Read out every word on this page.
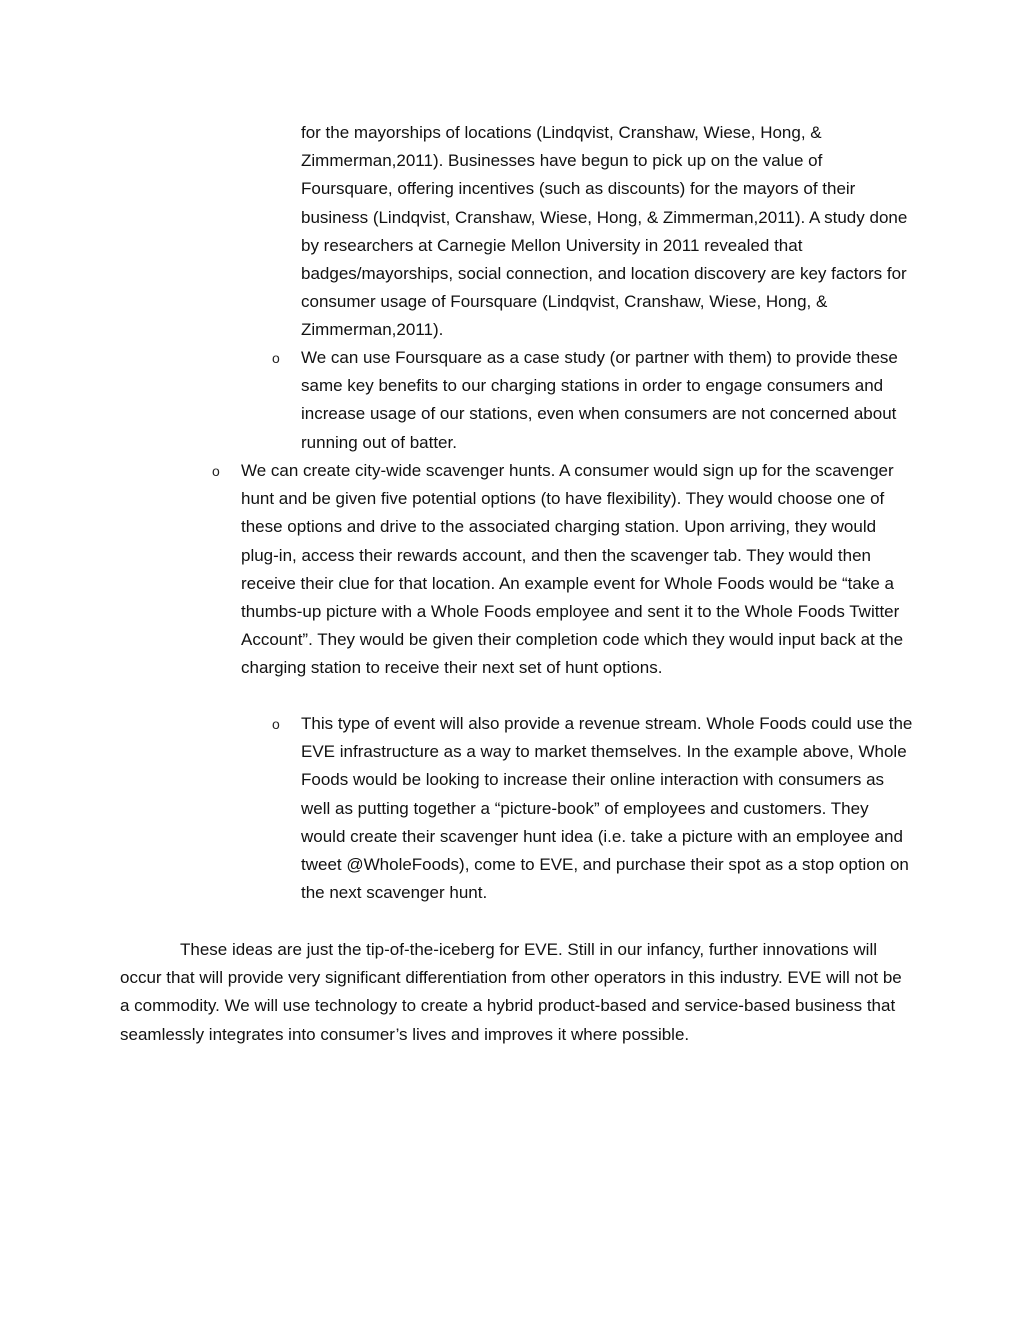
for the mayorships of locations (Lindqvist, Cranshaw, Wiese, Hong, & Zimmerman,2011). Businesses have begun to pick up on the value of Foursquare, offering incentives (such as discounts) for the mayors of their business (Lindqvist, Cranshaw, Wiese, Hong, & Zimmerman,2011). A study done by researchers at Carnegie Mellon University in 2011 revealed that badges/mayorships, social connection, and location discovery are key factors for consumer usage of Foursquare (Lindqvist, Cranshaw, Wiese, Hong, & Zimmerman,2011).

o We can use Foursquare as a case study (or partner with them) to provide these same key benefits to our charging stations in order to engage consumers and increase usage of our stations, even when consumers are not concerned about running out of batter.

o We can create city-wide scavenger hunts. A consumer would sign up for the scavenger hunt and be given five potential options (to have flexibility). They would choose one of these options and drive to the associated charging station. Upon arriving, they would plug-in, access their rewards account, and then the scavenger tab. They would then receive their clue for that location. An example event for Whole Foods would be “take a thumbs-up picture with a Whole Foods employee and sent it to the Whole Foods Twitter Account”. They would be given their completion code which they would input back at the charging station to receive their next set of hunt options.

o This type of event will also provide a revenue stream. Whole Foods could use the EVE infrastructure as a way to market themselves. In the example above, Whole Foods would be looking to increase their online interaction with consumers as well as putting together a “picture-book” of employees and customers. They would create their scavenger hunt idea (i.e. take a picture with an employee and tweet @WholeFoods), come to EVE, and purchase their spot as a stop option on the next scavenger hunt.

These ideas are just the tip-of-the-iceberg for EVE. Still in our infancy, further innovations will occur that will provide very significant differentiation from other operators in this industry. EVE will not be a commodity. We will use technology to create a hybrid product-based and service-based business that seamlessly integrates into consumer’s lives and improves it where possible.
